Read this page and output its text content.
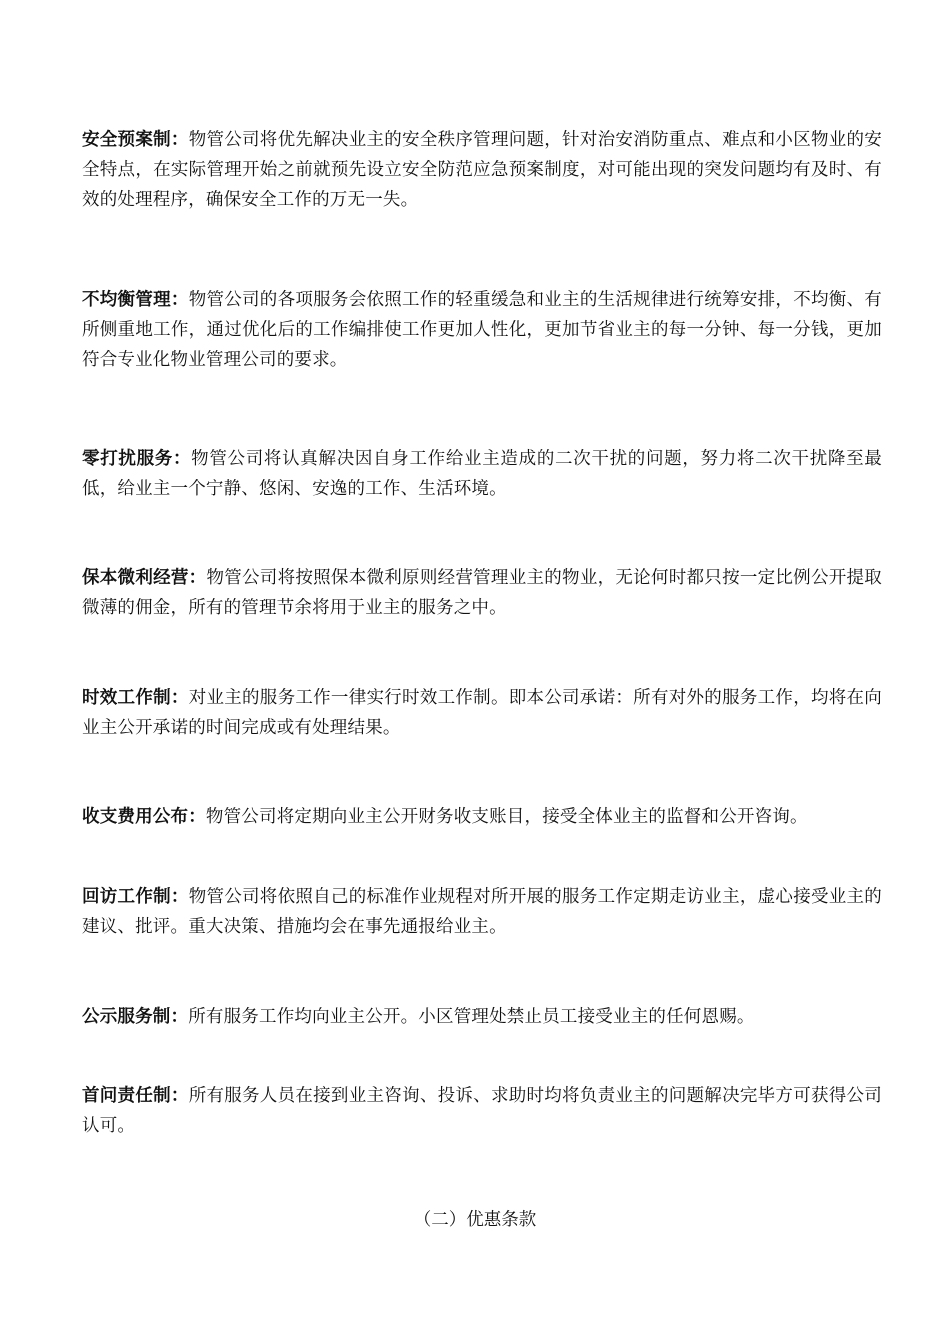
安全预案制：物管公司将优先解决业主的安全秩序管理问题，针对治安消防重点、难点和小区物业的安全特点，在实际管理开始之前就预先设立安全防范应急预案制度，对可能出现的突发问题均有及时、有效的处理程序，确保安全工作的万无一失。

不均衡管理：物管公司的各项服务会依照工作的轻重缓急和业主的生活规律进行统筹安排，不均衡、有所侧重地工作，通过优化后的工作编排使工作更加人性化，更加节省业主的每一分钟、每一分钱，更加符合专业化物业管理公司的要求。

零打扰服务：物管公司将认真解决因自身工作给业主造成的二次干扰的问题，努力将二次干扰降至最低，给业主一个宁静、悠闲、安逸的工作、生活环境。

保本微利经营：物管公司将按照保本微利原则经营管理业主的物业，无论何时都只按一定比例公开提取微薄的佣金，所有的管理节余将用于业主的服务之中。

时效工作制：对业主的服务工作一律实行时效工作制。即本公司承诺：所有对外的服务工作，均将在向业主公开承诺的时间完成或有处理结果。

收支费用公布：物管公司将定期向业主公开财务收支账目，接受全体业主的监督和公开咨询。

回访工作制：物管公司将依照自己的标准作业规程对所开展的服务工作定期走访业主，虚心接受业主的建议、批评。重大决策、措施均会在事先通报给业主。

公示服务制：所有服务工作均向业主公开。小区管理处禁止员工接受业主的任何恩赐。

首问责任制：所有服务人员在接到业主咨询、投诉、求助时均将负责业主的问题解决完毕方可获得公司认可。

（二）优惠条款
